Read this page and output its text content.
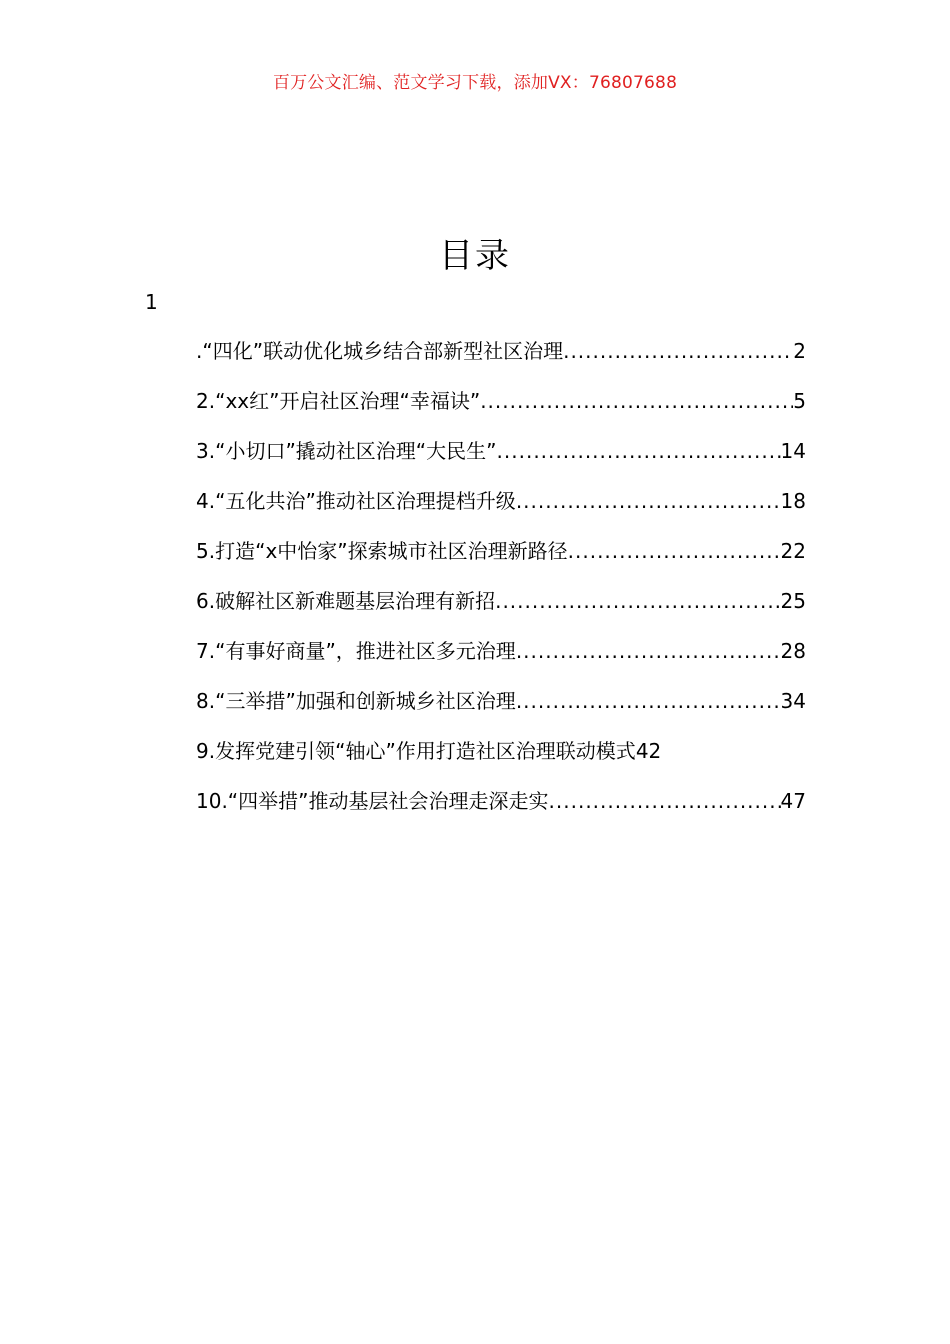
百万公文汇编、范文学习下载，添加VX：76807688
目录
1
.“四化”联动优化城乡结合部新型社区治理 .....	2
2.“xx红”开启社区治理“幸福诀” .....	5
3.“小切口”撬动社区治理“大民生” .....	14
4.“五化共治”推动社区治理提档升级 .....	18
5.打造“x中怡家”探索城市社区治理新路径 .....	22
6.破解社区新难题基层治理有新招 .....	25
7.“有事好商量”，推进社区多元治理 .....	28
8.“三举措”加强和创新城乡社区治理 .....	34
9.发挥党建引领“轴心”作用打造社区治理联动模式 42
10.“四举措”推动基层社会治理走深走实 .....	47
